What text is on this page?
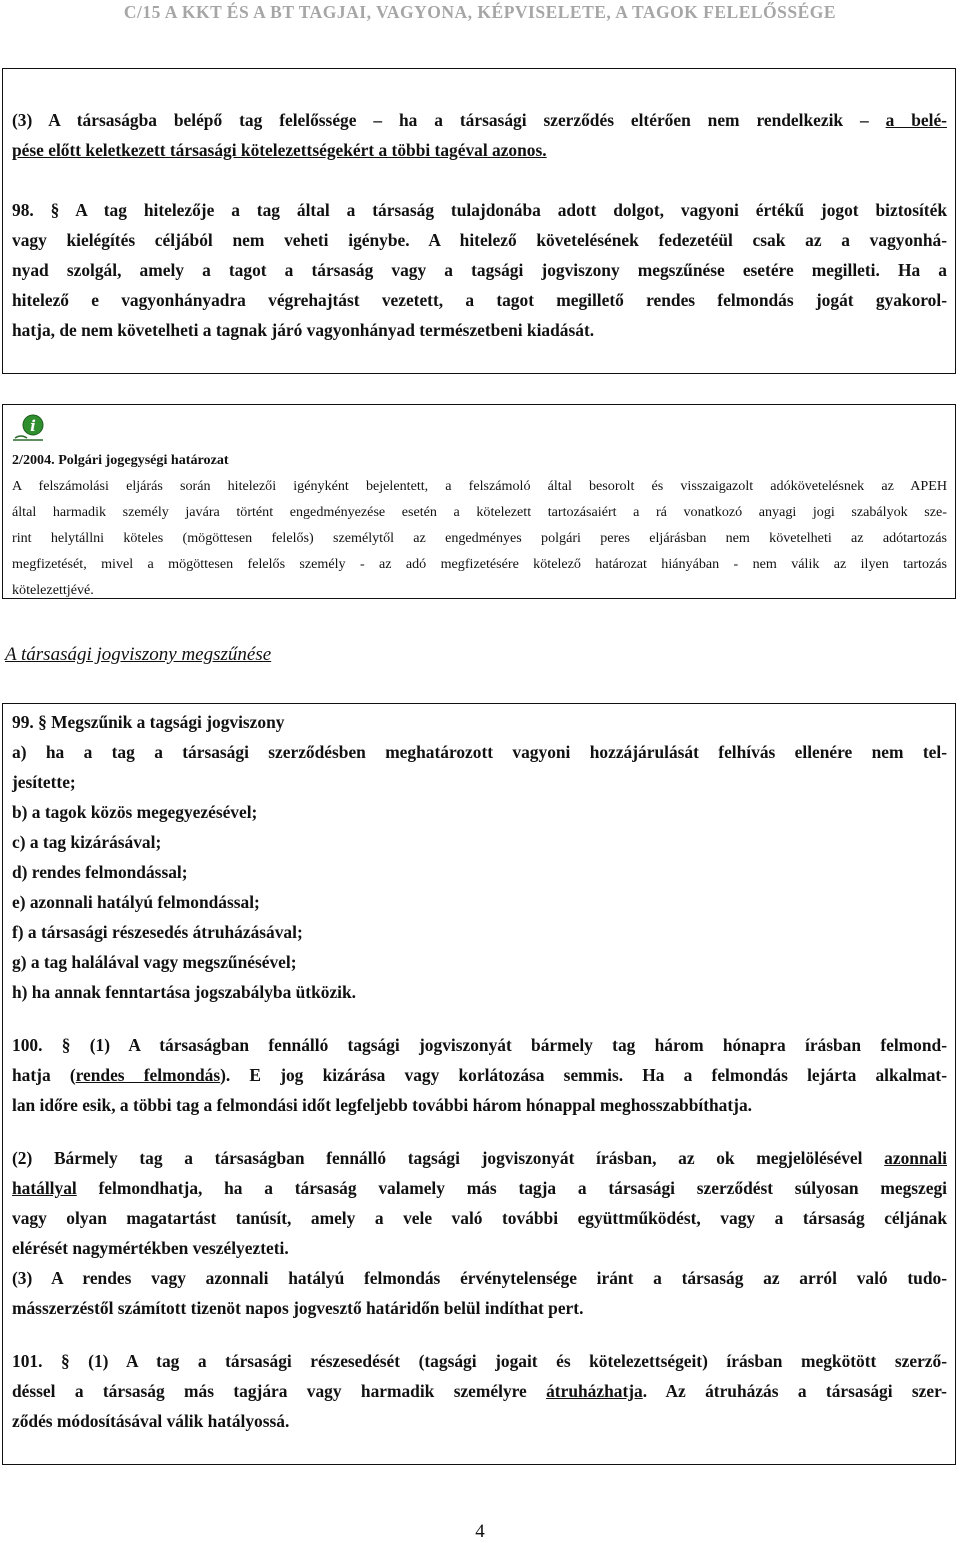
C/15 A KKT ÉS A BT TAGJAI, VAGYONA, KÉPVISELETE, A TAGOK FELELŐSSÉGE

(3) A társaságba belépő tag felelőssége – ha a társasági szerződés eltérően nem rendelkezik – a belé-

pése előtt keletkezett társasági kötelezettségekért a többi tagéval azonos.

98. § A tag hitelezője a tag által a társaság tulajdonába adott dolgot, vagyoni értékű jogot biztosíték

vagy kielégítés céljából nem veheti igénybe. A hitelező követelésének fedezetéül csak az a vagyonhá-

nyad szolgál, amely a tagot a társaság vagy a tagsági jogviszony megszűnése esetére megilleti. Ha a

hitelező e vagyonhányadra végrehajtást vezetett, a tagot megillető rendes felmondás jogát gyakorol-

hatja, de nem követelheti a tagnak járó vagyonhányad természetbeni kiadását.

i

2/2004. Polgári jogegységi határozat

A felszámolási eljárás során hitelezői igényként bejelentett, a felszámoló által besorolt és visszaigazolt adókövetelésnek az APEH

által harmadik személy javára történt engedményezése esetén a kötelezett tartozásaiért a rá vonatkozó anyagi jogi szabályok sze-

rint helytállni köteles (mögöttesen felelős) személytől az engedményes polgári peres eljárásban nem követelheti az adótartozás

megfizetését, mivel a mögöttesen felelős személy - az adó megfizetésére kötelező határozat hiányában - nem válik az ilyen tartozás

kötelezettjévé.

A társasági jogviszony megszűnése

99. § Megszűnik a tagsági jogviszony

a) ha a tag a társasági szerződésben meghatározott vagyoni hozzájárulását felhívás ellenére nem tel-

jesítette;

b) a tagok közös megegyezésével;

c) a tag kizárásával;

d) rendes felmondással;

e) azonnali hatályú felmondással;

f) a társasági részesedés átruházásával;

g) a tag halálával vagy megszűnésével;

h) ha annak fenntartása jogszabályba ütközik.

100. § (1) A társaságban fennálló tagsági jogviszonyát bármely tag három hónapra írásban felmond-

hatja (rendes felmondás). E jog kizárása vagy korlátozása semmis. Ha a felmondás lejárta alkalmat-

lan időre esik, a többi tag a felmondási időt legfeljebb további három hónappal meghosszabbíthatja.

(2) Bármely tag a társaságban fennálló tagsági jogviszonyát írásban, az ok megjelölésével azonnali

hatállyal felmondhatja, ha a társaság valamely más tagja a társasági szerződést súlyosan megszegi

vagy olyan magatartást tanúsít, amely a vele való további együttműködést, vagy a társaság céljának

elérését nagymértékben veszélyezteti.

(3) A rendes vagy azonnali hatályú felmondás érvénytelensége iránt a társaság az arról való tudo-

másszerzéstől számított tizenöt napos jogvesztő határidőn belül indíthat pert.

101. § (1) A tag a társasági részesedését (tagsági jogait és kötelezettségeit) írásban megkötött szerző-

déssel a társaság más tagjára vagy harmadik személyre átruházhatja. Az átruházás a társasági szer-

ződés módosításával válik hatályossá.

4
